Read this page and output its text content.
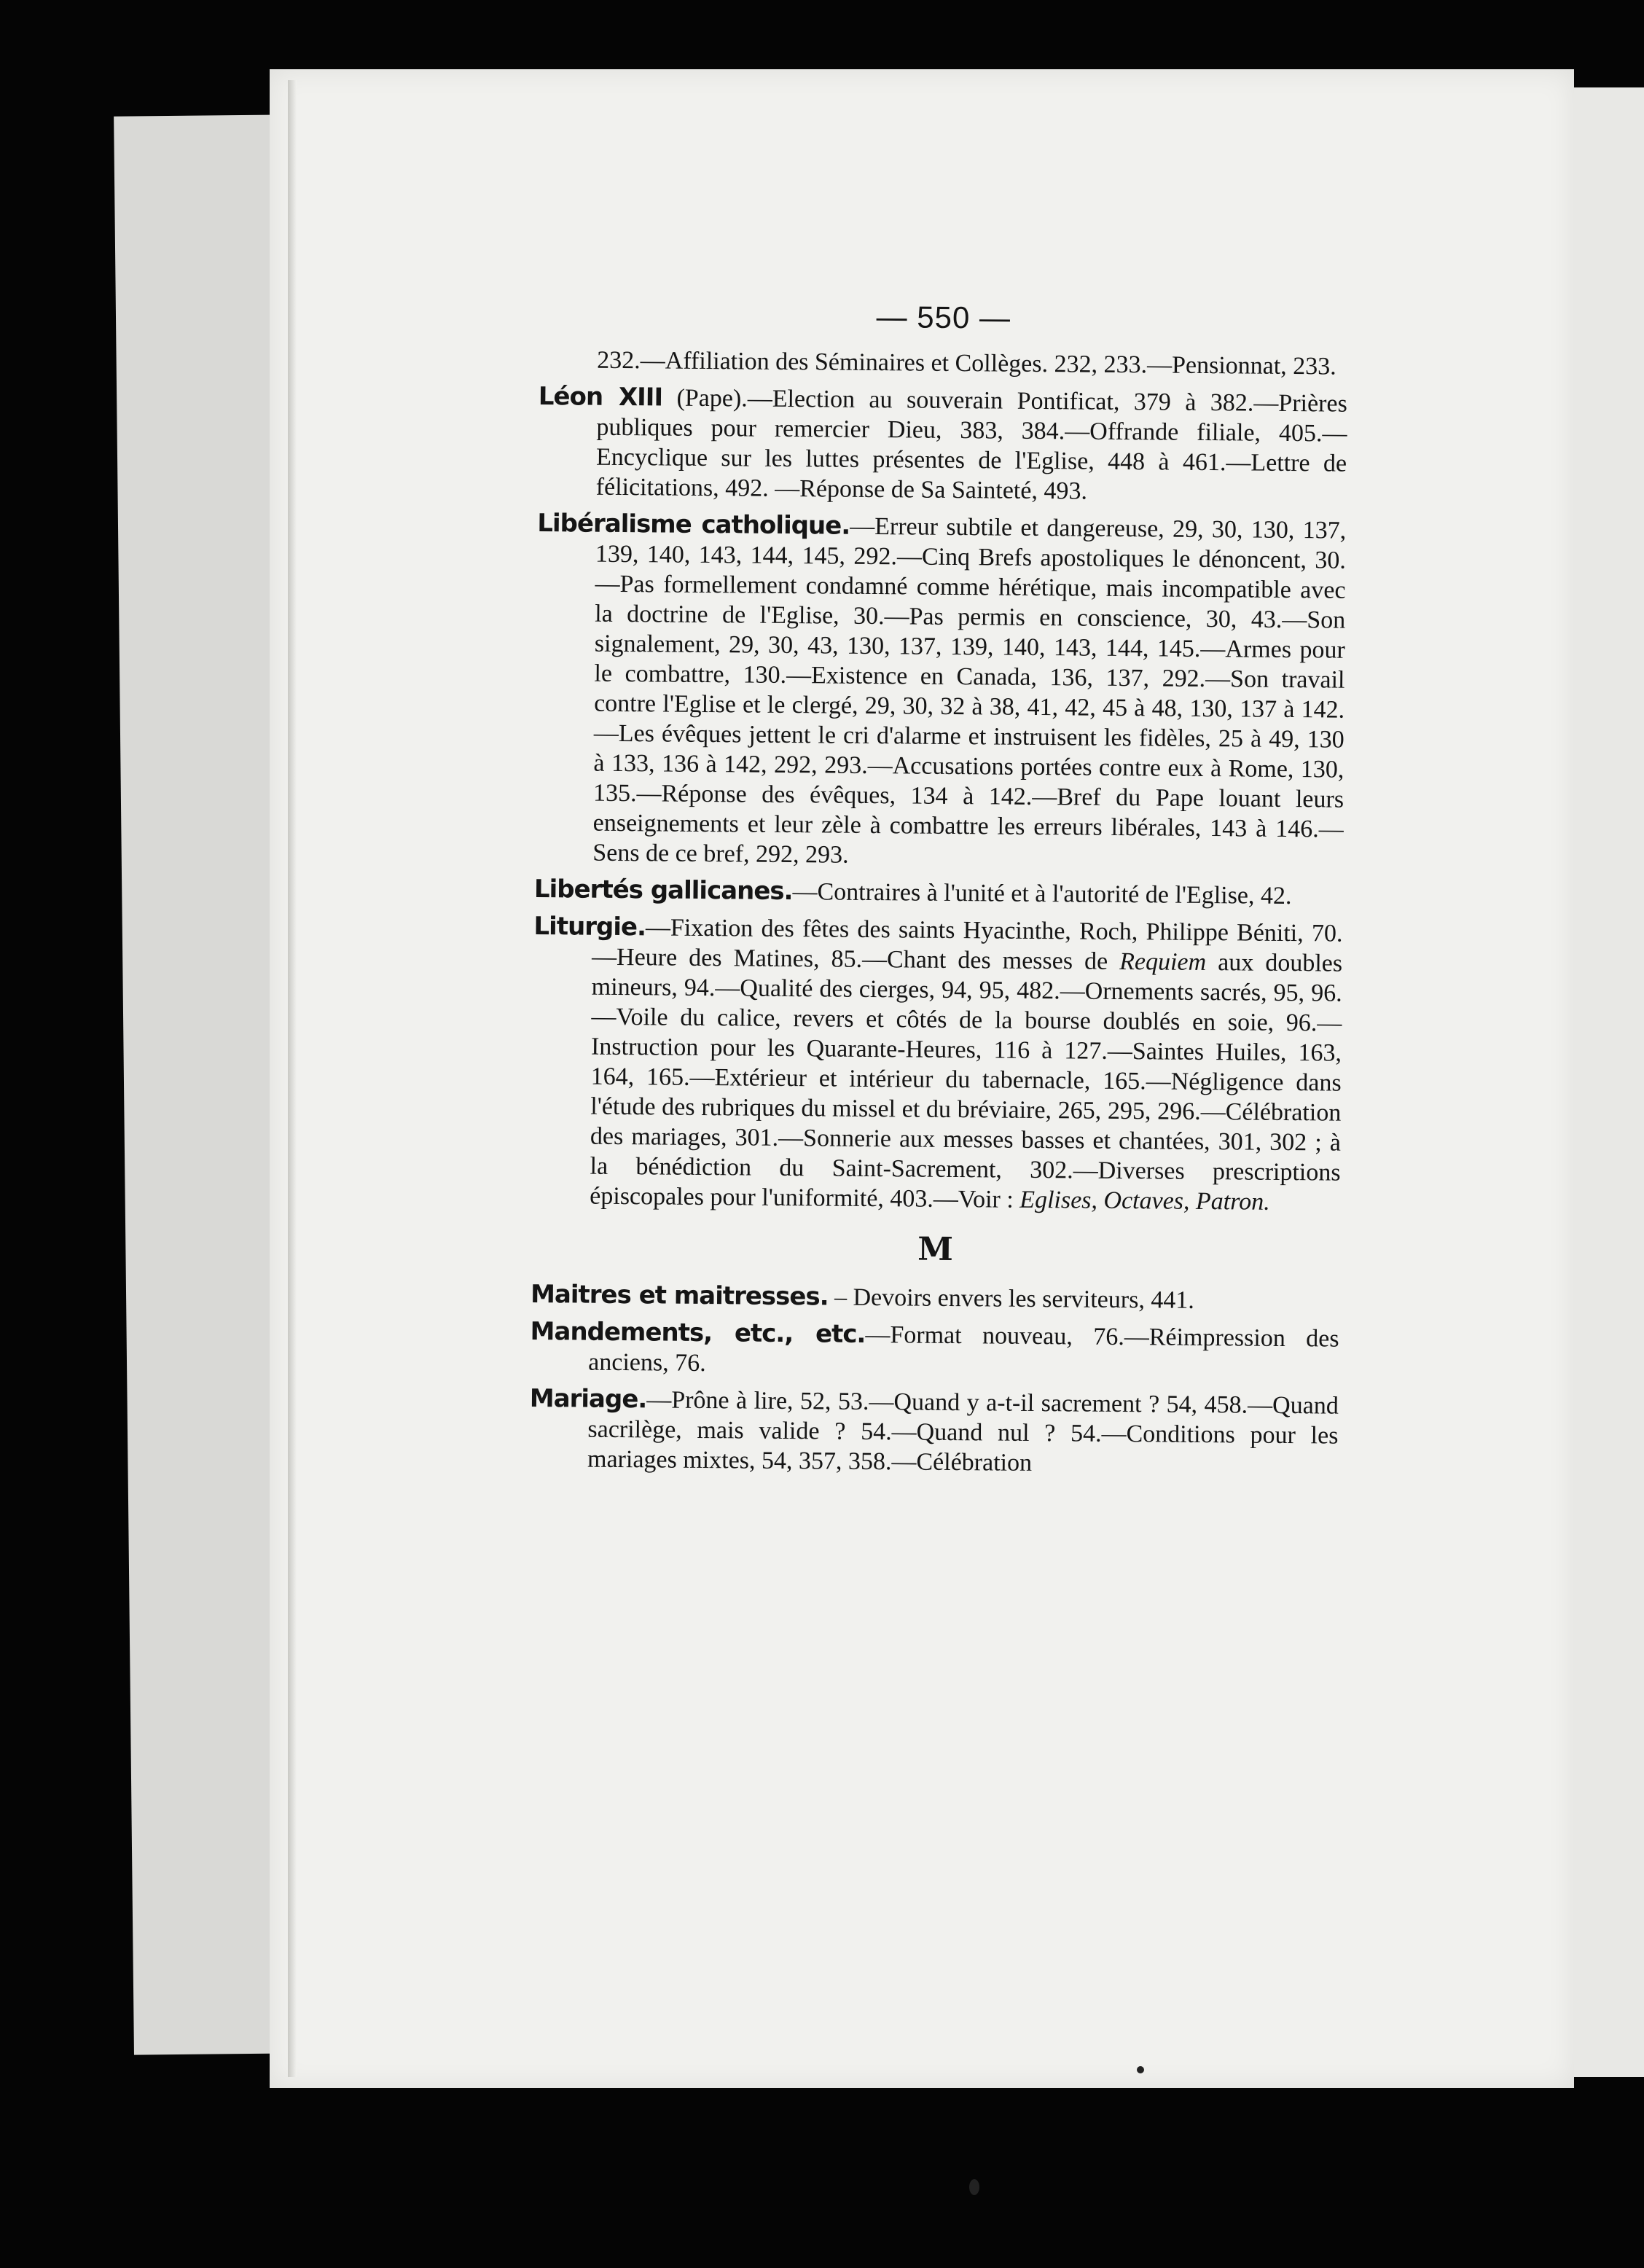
— 550 —

232.—Affiliation des Séminaires et Collèges. 232, 233.—Pensionnat, 233.

Léon XIII (Pape).—Election au souverain Pontificat, 379 à 382.—Prières publiques pour remercier Dieu, 383, 384.—Offrande filiale, 405.—Encyclique sur les luttes présentes de l'Eglise, 448 à 461.—Lettre de félicitations, 492. —Réponse de Sa Sainteté, 493.

Libéralisme catholique.—Erreur subtile et dangereuse, 29, 30, 130, 137, 139, 140, 143, 144, 145, 292.—Cinq Brefs apostoliques le dénoncent, 30.—Pas formellement condamné comme hérétique, mais incompatible avec la doctrine de l'Eglise, 30.—Pas permis en conscience, 30, 43.—Son signalement, 29, 30, 43, 130, 137, 139, 140, 143, 144, 145.—Armes pour le combattre, 130.—Existence en Canada, 136, 137, 292.—Son travail contre l'Eglise et le clergé, 29, 30, 32 à 38, 41, 42, 45 à 48, 130, 137 à 142.—Les évêques jettent le cri d'alarme et instruisent les fidèles, 25 à 49, 130 à 133, 136 à 142, 292, 293.—Accusations portées contre eux à Rome, 130, 135.—Réponse des évêques, 134 à 142.—Bref du Pape louant leurs enseignements et leur zèle à combattre les erreurs libérales, 143 à 146.—Sens de ce bref, 292, 293.

Libertés gallicanes.—Contraires à l'unité et à l'autorité de l'Eglise, 42.

Liturgie.—Fixation des fêtes des saints Hyacinthe, Roch, Philippe Béniti, 70.—Heure des Matines, 85.—Chant des messes de Requiem aux doubles mineurs, 94.—Qualité des cierges, 94, 95, 482.—Ornements sacrés, 95, 96.—Voile du calice, revers et côtés de la bourse doublés en soie, 96.—Instruction pour les Quarante-Heures, 116 à 127.—Saintes Huiles, 163, 164, 165.—Extérieur et intérieur du tabernacle, 165.—Négligence dans l'étude des rubriques du missel et du bréviaire, 265, 295, 296.—Célébration des mariages, 301.—Sonnerie aux messes basses et chantées, 301, 302 ; à la bénédiction du Saint-Sacrement, 302.—Diverses prescriptions épiscopales pour l'uniformité, 403.—Voir : Eglises, Octaves, Patron.

M

Maitres et maitresses. – Devoirs envers les serviteurs, 441.

Mandements, etc., etc.—Format nouveau, 76.—Réimpression des anciens, 76.

Mariage.—Prône à lire, 52, 53.—Quand y a-t-il sacrement ? 54, 458.—Quand sacrilège, mais valide ? 54.—Quand nul ? 54.—Conditions pour les mariages mixtes, 54, 357, 358.—Célébration
